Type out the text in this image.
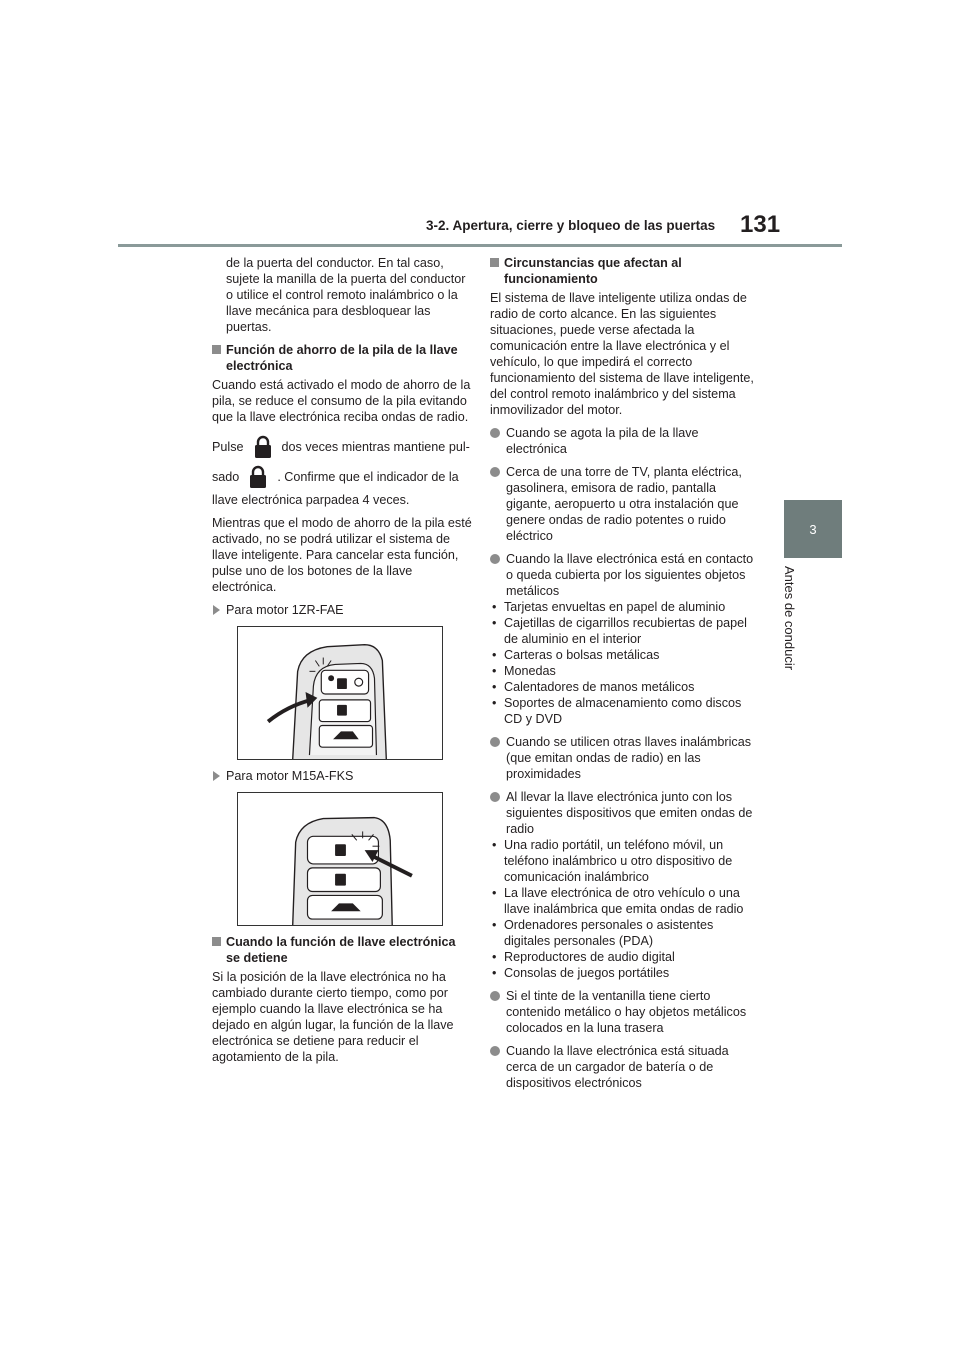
3-2. Apertura, cierre y bloqueo de las puertas 131
3
Antes de conducir
de la puerta del conductor. En tal caso, sujete la manilla de la puerta del conductor o utilice el control remoto inalámbrico o la llave mecánica para desbloquear las puertas.
Función de ahorro de la pila de la llave electrónica
Cuando está activado el modo de ahorro de la pila, se reduce el consumo de la pila evitando que la llave electrónica reciba ondas de radio.
Pulse	dos veces mientras mantiene pul-
sado	. Confirme que el indicador de la
llave electrónica parpadea 4 veces.
Mientras que el modo de ahorro de la pila esté activado, no se podrá utilizar el sistema de llave inteligente. Para cancelar esta función, pulse uno de los botones de la llave electrónica.
Para motor 1ZR-FAE
Para motor M15A-FKS
Cuando la función de llave electrónica se detiene
Si la posición de la llave electrónica no ha cambiado durante cierto tiempo, como por ejemplo cuando la llave electrónica se ha dejado en algún lugar, la función de la llave electrónica se detiene para reducir el agotamiento de la pila.
Circunstancias que afectan al funcionamiento
El sistema de llave inteligente utiliza ondas de radio de corto alcance. En las siguientes situaciones, puede verse afectada la comunicación entre la llave electrónica y el vehículo, lo que impedirá el correcto funcionamiento del sistema de llave inteligente, del control remoto inalámbrico y del sistema inmovilizador del motor.
Cuando se agota la pila de la llave electrónica
Cerca de una torre de TV, planta eléctrica, gasolinera, emisora de radio, pantalla gigante, aeropuerto u otra instalación que genere ondas de radio potentes o ruido eléctrico
Cuando la llave electrónica está en contacto o queda cubierta por los siguientes objetos metálicos
• Tarjetas envueltas en papel de aluminio
• Cajetillas de cigarrillos recubiertas de papel de aluminio en el interior
• Carteras o bolsas metálicas
• Monedas
• Calentadores de manos metálicos
• Soportes de almacenamiento como discos CD y DVD
Cuando se utilicen otras llaves inalámbricas (que emitan ondas de radio) en las proximidades
Al llevar la llave electrónica junto con los siguientes dispositivos que emiten ondas de radio
• Una radio portátil, un teléfono móvil, un teléfono inalámbrico u otro dispositivo de comunicación inalámbrico
• La llave electrónica de otro vehículo o una llave inalámbrica que emita ondas de radio
• Ordenadores personales o asistentes digitales personales (PDA)
• Reproductores de audio digital
• Consolas de juegos portátiles
Si el tinte de la ventanilla tiene cierto contenido metálico o hay objetos metálicos colocados en la luna trasera
Cuando la llave electrónica está situada cerca de un cargador de batería o de dispositivos electrónicos
